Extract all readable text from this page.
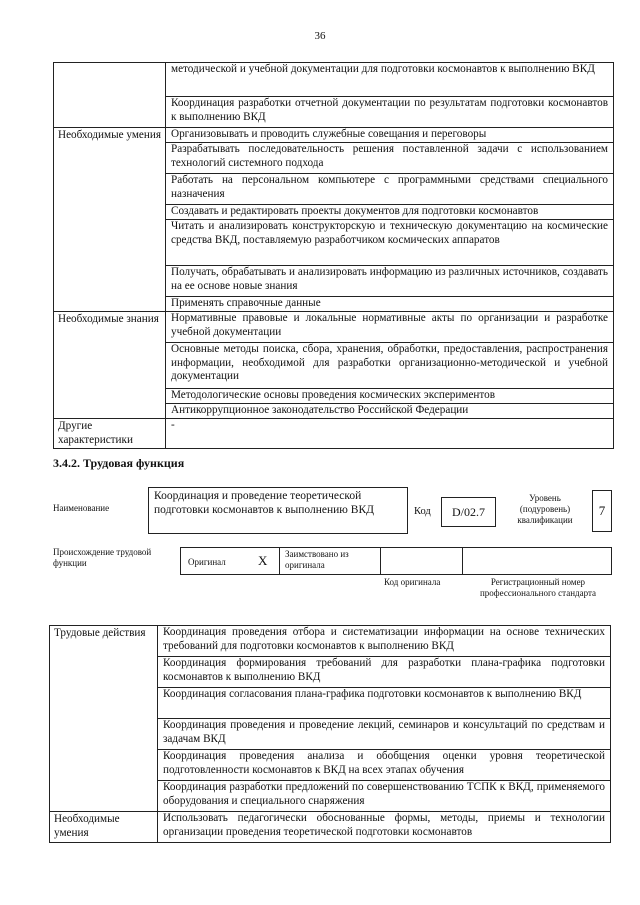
36
	методической и учебной документации для подготовки космонавтов к выполнению ВКД
	Координация разработки отчетной документации по результатам подготовки космонавтов к выполнению ВКД
Необходимые умения	Организовывать и проводить служебные совещания и переговоры
	Разрабатывать последовательность решения поставленной задачи с использованием технологий системного подхода
	Работать на персональном компьютере с программными средствами специального назначения
	Создавать и редактировать проекты документов для подготовки космонавтов
	Читать и анализировать конструкторскую и техническую документацию на космические средства ВКД, поставляемую разработчиком космических аппаратов
	Получать, обрабатывать и анализировать информацию из различных источников, создавать на ее основе новые знания
	Применять справочные данные
Необходимые знания	Нормативные правовые и локальные нормативные акты по организации и разработке учебной документации
	Основные методы поиска, сбора, хранения, обработки, предоставления, распространения информации, необходимой для разработки организационно-методической и учебной документации
	Методологические основы проведения космических экспериментов
	Антикоррупционное законодательство Российской Федерации
Другие характеристики	-
3.4.2. Трудовая функция
Наименование
Координация и проведение теоретической подготовки космонавтов к выполнению ВКД	Код	D/02.7
Уровень (подуровень) квалификации
7
Происхождение трудовой функции	Оригинал X Заимствовано из оригинала
Код оригинала	Регистрационный номер профессионального стандарта
Трудовые действия	Координация проведения отбора и систематизации информации на основе технических требований для подготовки космонавтов к выполнению ВКД
	Координация формирования требований для разработки плана-графика подготовки космонавтов к выполнению ВКД
	Координация согласования плана-графика подготовки космонавтов к выполнению ВКД
	Координация проведения и проведение лекций, семинаров и консультаций по средствам и задачам ВКД
	Координация проведения анализа и обобщения оценки уровня теоретической подготовленности космонавтов к ВКД на всех этапах обучения
	Координация разработки предложений по совершенствованию ТСПК к ВКД, применяемого оборудования и специального снаряжения
Необходимые умения	Использовать педагогически обоснованные формы, методы, приемы и технологии организации проведения теоретической подготовки космонавтов
